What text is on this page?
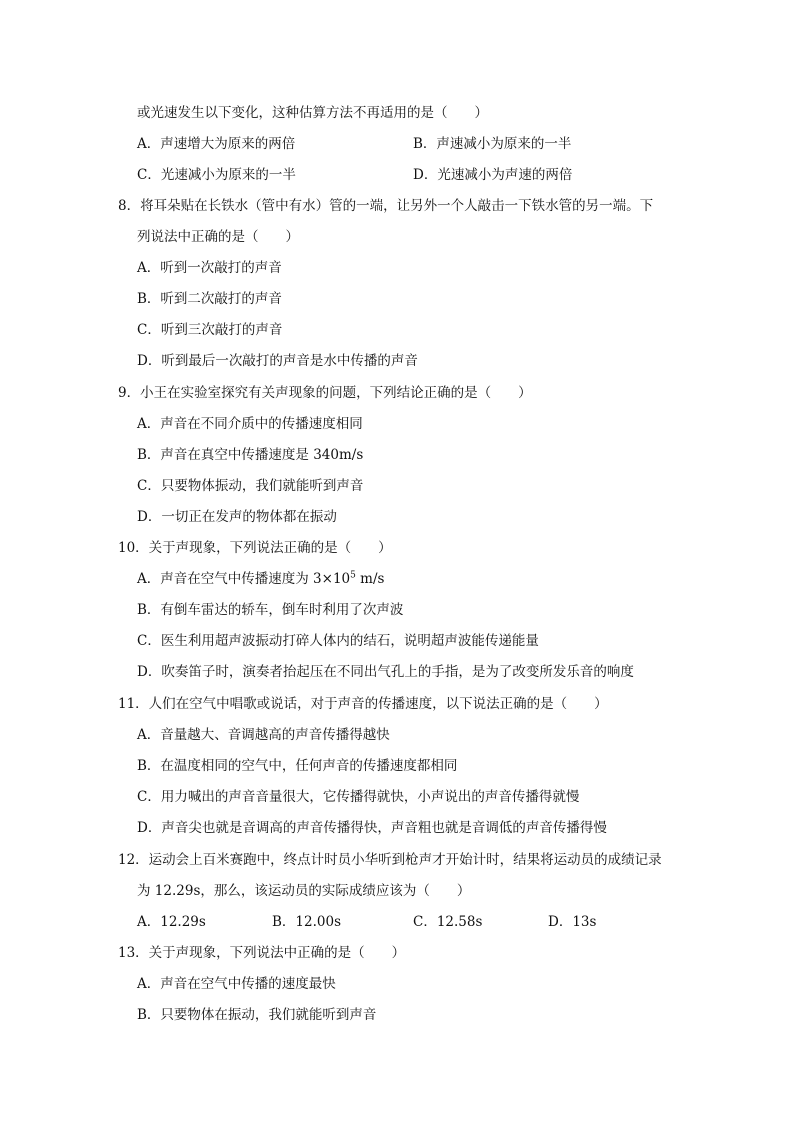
或光速发生以下变化，这种估算方法不再适用的是（　　）
A．声速增大为原来的两倍	B．声速减小为原来的一半
C．光速减小为原来的一半	D．光速减小为声速的两倍
8．将耳朵贴在长铁水（管中有水）管的一端，让另外一个人敲击一下铁水管的另一端。下
列说法中正确的是（　　）
A．听到一次敲打的声音
B．听到二次敲打的声音
C．听到三次敲打的声音
D．听到最后一次敲打的声音是水中传播的声音
9．小王在实验室探究有关声现象的问题，下列结论正确的是（　　）
A．声音在不同介质中的传播速度相同
B．声音在真空中传播速度是 340m/s
C．只要物体振动，我们就能听到声音
D．一切正在发声的物体都在振动
10．关于声现象，下列说法正确的是（　　）
A．声音在空气中传播速度为 $3\times 10^5$ m/s
B．有倒车雷达的轿车，倒车时利用了次声波
C．医生利用超声波振动打碎人体内的结石，说明超声波能传递能量
D．吹奏笛子时，演奏者抬起压在不同出气孔上的手指，是为了改变所发乐音的响度
11．人们在空气中唱歌或说话，对于声音的传播速度，以下说法正确的是（　　）
A．音量越大、音调越高的声音传播得越快
B．在温度相同的空气中，任何声音的传播速度都相同
C．用力喊出的声音音量很大，它传播得就快，小声说出的声音传播得就慢
D．声音尖也就是音调高的声音传播得快，声音粗也就是音调低的声音传播得慢
12．运动会上百米赛跑中，终点计时员小华听到枪声才开始计时，结果将运动员的成绩记录
为 12.29s，那么，该运动员的实际成绩应该为（　　）
A．12.29s	B．12.00s	C．12.58s	D．13s
13．关于声现象，下列说法中正确的是（　　）
A．声音在空气中传播的速度最快
B．只要物体在振动，我们就能听到声音
